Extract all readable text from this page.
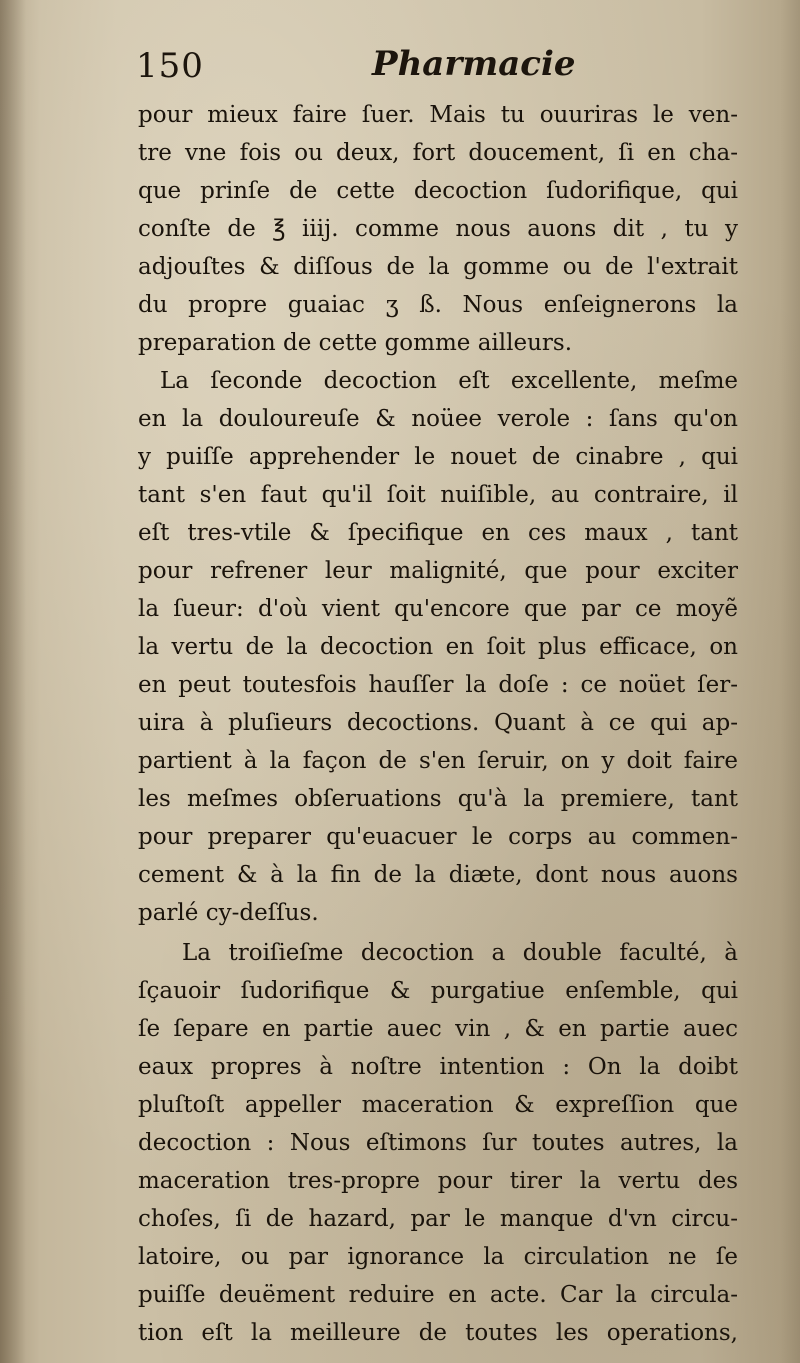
150	Pharmacie
pour mieux faire ſuer. Mais tu ouuriras le ven-
tre vne fois ou deux, fort doucement, ſi en cha-
que prinſe de cette decoction ſudorifique, qui
conſte de ℥ iiij. comme nous auons dit , tu y
adjouſtes & diſſous de la gomme ou de l'extrait
du propre guaiac ʒ ß. Nous enſeignerons la
preparation de cette gomme ailleurs.
La ſeconde decoction eſt excellente, meſme
en la douloureuſe & noüee verole : ſans qu'on
y puiſſe apprehender le nouet de cinabre , qui
tant s'en faut qu'il ſoit nuiſible, au contraire, il
eſt tres-vtile & ſpecifique en ces maux , tant
pour refrener leur malignité, que pour exciter
la ſueur: d'où vient qu'encore que par ce moyẽ
la vertu de la decoction en ſoit plus efficace, on
en peut toutesfois hauſſer la doſe : ce noüet ſer-
uira à pluſieurs decoctions. Quant à ce qui ap-
partient à la façon de s'en ſeruir, on y doit faire
les meſmes obſeruations qu'à la premiere, tant
pour preparer qu'euacuer le corps au commen-
cement & à la fin de la diæte, dont nous auons
parlé cy-deſſus.
La troiſieſme decoction a double faculté, à
ſçauoir ſudorifique & purgatiue enſemble, qui
ſe ſepare en partie auec vin , & en partie auec
eaux propres à noſtre intention : On la doibt
pluſtoſt appeller maceration & expreſſion que
decoction : Nous eſtimons ſur toutes autres, la
maceration tres-propre pour tirer la vertu des
choſes, ſi de hazard, par le manque d'vn circu-
latoire, ou par ignorance la circulation ne ſe
puiſſe deuëment reduire en acte. Car la circula-
tion eſt la meilleure de toutes les operations,
